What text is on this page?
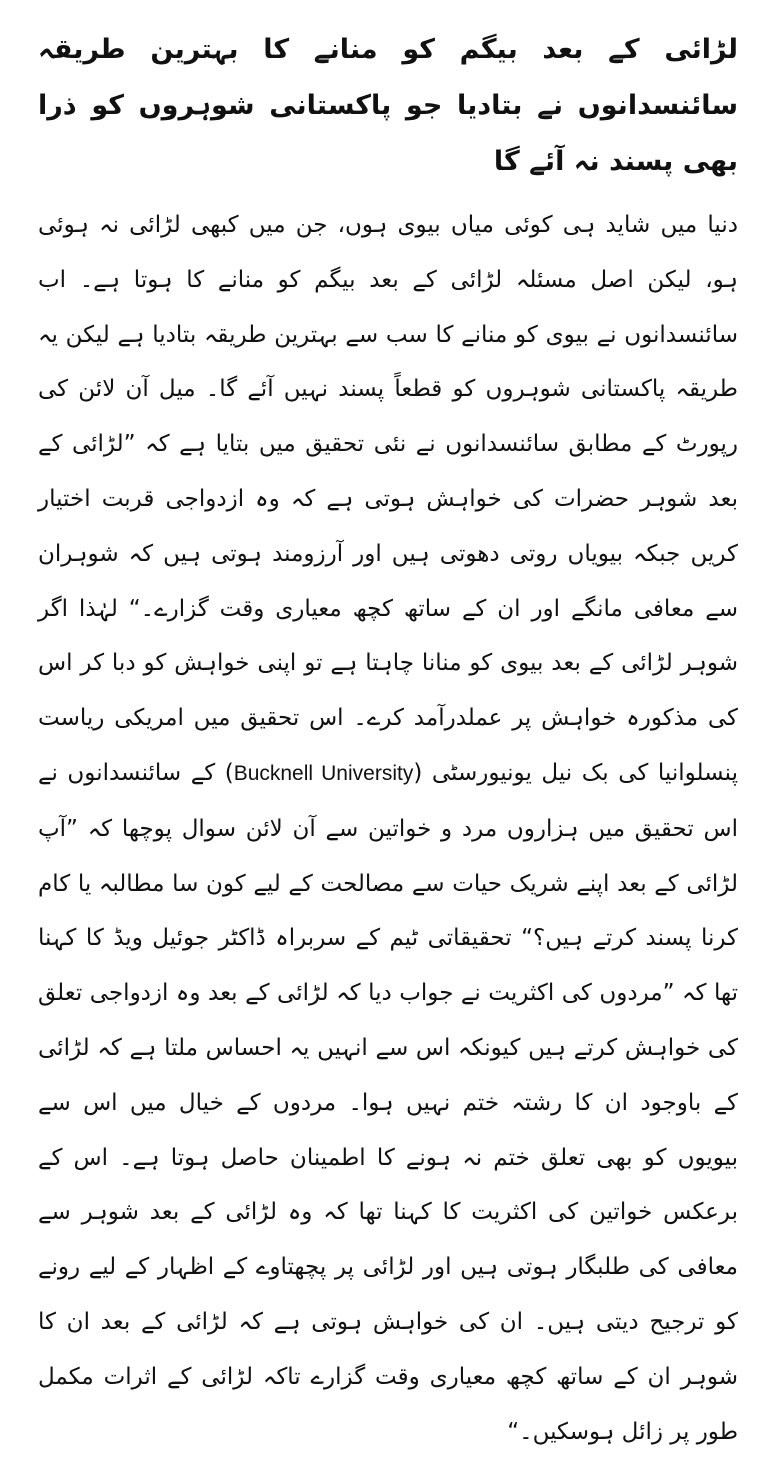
لڑائی کے بعد بیگم کو منانے کا بہترین طریقہ سائنسدانوں نے بتادیا جو پاکستانی شوہروں کو ذرا بھی پسند نہ آئے گا

دنیا میں شاید ہی کوئی میاں بیوی ہوں، جن میں کبھی لڑائی نہ ہوئی ہو، لیکن اصل مسئلہ لڑائی کے بعد بیگم کو منانے کا ہوتا ہے۔ اب سائنسدانوں نے بیوی کو منانے کا سب سے بہترین طریقہ بتادیا ہے لیکن یہ طریقہ پاکستانی شوہروں کو قطعاً پسند نہیں آئے گا۔ میل آن لائن کی رپورٹ کے مطابق سائنسدانوں نے نئی تحقیق میں بتایا ہے کہ ”لڑائی کے بعد شوہر حضرات کی خواہش ہوتی ہے کہ وہ ازدواجی قربت اختیار کریں جبکہ بیویاں روتی دھوتی ہیں اور آرزومند ہوتی ہیں کہ شوہران سے معافی مانگے اور ان کے ساتھ کچھ معیاری وقت گزارے۔“ لہٰذا اگر شوہر لڑائی کے بعد بیوی کو منانا چاہتا ہے تو اپنی خواہش کو دبا کر اس کی مذکورہ خواہش پر عملدرآمد کرے۔ اس تحقیق میں امریکی ریاست پنسلوانیا کی بک نیل یونیورسٹی (Bucknell University) کے سائنسدانوں نے اس تحقیق میں ہزاروں مرد و خواتین سے آن لائن سوال پوچھا کہ ”آپ لڑائی کے بعد اپنے شریک حیات سے مصالحت کے لیے کون سا مطالبہ یا کام کرنا پسند کرتے ہیں؟“ تحقیقاتی ٹیم کے سربراہ ڈاکٹر جوئیل ویڈ کا کہنا تھا کہ ”مردوں کی اکثریت نے جواب دیا کہ لڑائی کے بعد وہ ازدواجی تعلق کی خواہش کرتے ہیں کیونکہ اس سے انہیں یہ احساس ملتا ہے کہ لڑائی کے باوجود ان کا رشتہ ختم نہیں ہوا۔ مردوں کے خیال میں اس سے بیویوں کو بھی تعلق ختم نہ ہونے کا اطمینان حاصل ہوتا ہے۔ اس کے برعکس خواتین کی اکثریت کا کہنا تھا کہ وہ لڑائی کے بعد شوہر سے معافی کی طلبگار ہوتی ہیں اور لڑائی پر پچھتاوے کے اظہار کے لیے رونے کو ترجیح دیتی ہیں۔ ان کی خواہش ہوتی ہے کہ لڑائی کے بعد ان کا شوہر ان کے ساتھ کچھ معیاری وقت گزارے تاکہ لڑائی کے اثرات مکمل طور پر زائل ہوسکیں۔“
